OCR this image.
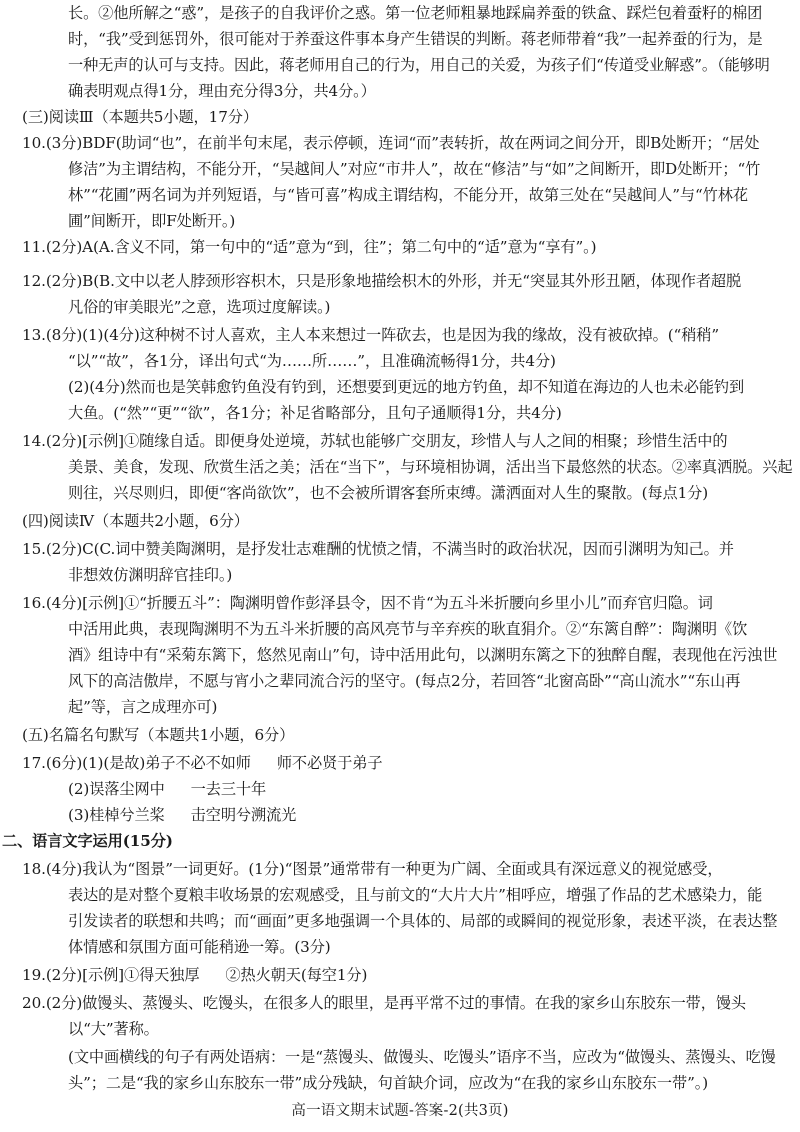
长。②他所解之“惑”，是孩子的自我评价之惑。第一位老师粗暴地踩扁养蚕的铁盒、踩烂包着蚕籽的棉团
时，“我”受到惩罚外，很可能对于养蚕这件事本身产生错误的判断。蒋老师带着“我”一起养蚕的行为，是
一种无声的认可与支持。因此，蒋老师用自己的行为，用自己的关爱，为孩子们“传道受业解惑”。（能够明
确表明观点得1分，理由充分得3分，共4分。）
(三)阅读Ⅲ（本题共5小题，17分）
10.(3分)BDF(助词“也”，在前半句末尾，表示停顿，连词“而”表转折，故在两词之间分开，即B处断开；“居处
修洁”为主谓结构，不能分开，“吴越间人”对应“市井人”，故在“修洁”与“如”之间断开，即D处断开；“竹
林”“花圃”两名词为并列短语，与“皆可喜”构成主谓结构，不能分开，故第三处在“吴越间人”与“竹林花
圃”间断开，即F处断开。)
11.(2分)A(A.含义不同，第一句中的“适”意为“到，往”；第二句中的“适”意为“享有”。)
12.(2分)B(B.文中以老人脖颈形容枳木，只是形象地描绘枳木的外形，并无“突显其外形丑陋，体现作者超脱
凡俗的审美眼光”之意，选项过度解读。)
13.(8分)(1)(4分)这种树不讨人喜欢，主人本来想过一阵砍去，也是因为我的缘故，没有被砍掉。(“稍稍”
“以”“故”，各1分，译出句式“为……所……”，且准确流畅得1分，共4分)
(2)(4分)然而也是笑韩愈钓鱼没有钓到，还想要到更远的地方钓鱼，却不知道在海边的人也未必能钓到
大鱼。(“然”“更”“欲”，各1分；补足省略部分，且句子通顺得1分，共4分)
14.(2分)[示例]①随缘自适。即便身处逆境，苏轼也能够广交朋友，珍惜人与人之间的相聚；珍惜生活中的
美景、美食，发现、欣赏生活之美；活在“当下”，与环境相协调，活出当下最悠然的状态。②率真洒脱。兴起
则往，兴尽则归，即便“客尚欲饮”，也不会被所谓客套所束缚。潇洒面对人生的聚散。(每点1分)
(四)阅读Ⅳ（本题共2小题，6分）
15.(2分)C(C.词中赞美陶渊明，是抒发壮志难酬的忧愤之情，不满当时的政治状况，因而引渊明为知己。并
非想效仿渊明辞官挂印。)
16.(4分)[示例]①“折腰五斗”：陶渊明曾作彭泽县令，因不肯“为五斗米折腰向乡里小儿”而弃官归隐。词
中活用此典，表现陶渊明不为五斗米折腰的高风亮节与辛弃疾的耿直狷介。②“东篱自醉”：陶渊明《饮
酒》组诗中有“采菊东篱下，悠然见南山”句，诗中活用此句，以渊明东篱之下的独醉自醒，表现他在污浊世
风下的高洁傲岸，不愿与宵小之辈同流合污的坚守。(每点2分，若回答“北窗高卧”“高山流水”“东山再
起”等，言之成理亦可)
(五)名篇名句默写（本题共1小题，6分）
17.(6分)(1)(是故)弟子不必不如师 师不必贤于弟子
(2)误落尘网中 一去三十年
(3)桂棹兮兰桨 击空明兮溯流光
二、语言文字运用(15分)
18.(4分)我认为“图景”一词更好。(1分)“图景”通常带有一种更为广阔、全面或具有深远意义的视觉感受，
表达的是对整个夏粮丰收场景的宏观感受，且与前文的“大片大片”相呼应，增强了作品的艺术感染力，能
引发读者的联想和共鸣；而“画面”更多地强调一个具体的、局部的或瞬间的视觉形象，表述平淡，在表达整
体情感和氛围方面可能稍逊一筹。(3分)
19.(2分)[示例]①得天独厚 ②热火朝天(每空1分)
20.(2分)做馒头、蒸馒头、吃馒头，在很多人的眼里，是再平常不过的事情。在我的家乡山东胶东一带，馒头
以“大”著称。
(文中画横线的句子有两处语病：一是“蒸馒头、做馒头、吃馒头”语序不当，应改为“做馒头、蒸馒头、吃馒
头”；二是“我的家乡山东胶东一带”成分残缺，句首缺介词，应改为“在我的家乡山东胶东一带”。)
高一语文期末试题-答案-2(共3页)
